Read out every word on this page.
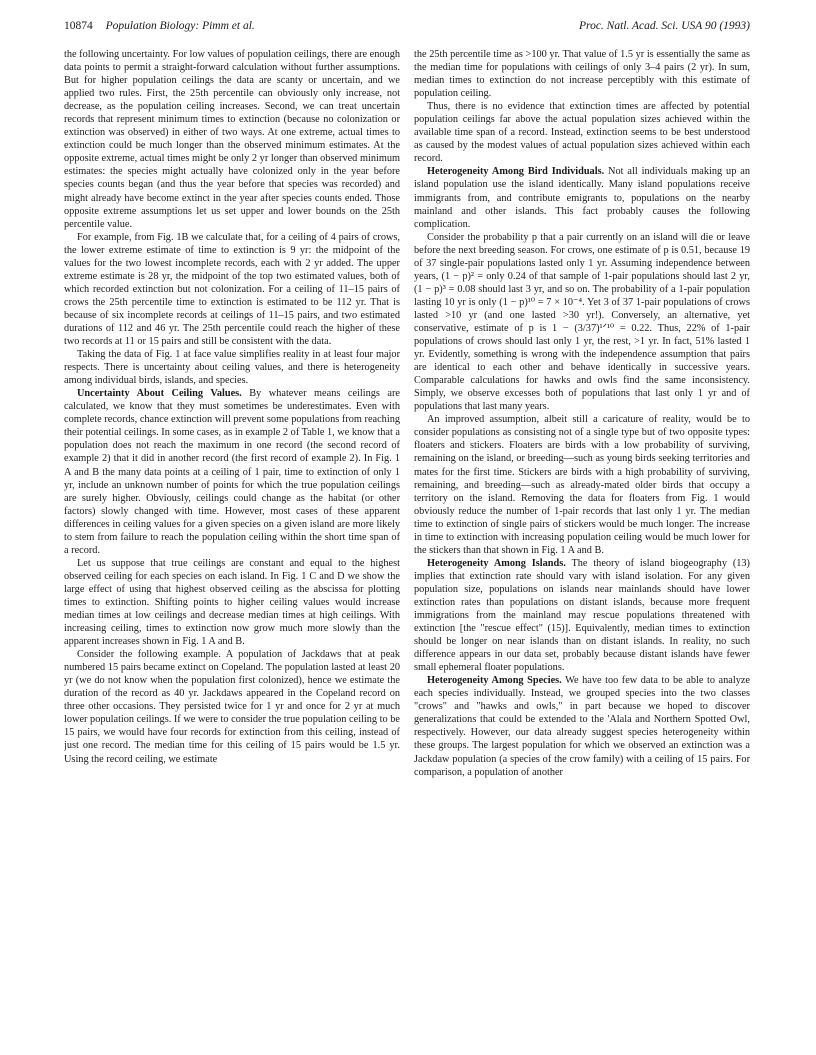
10874 Population Biology: Pimm et al.	Proc. Natl. Acad. Sci. USA 90 (1993)

the following uncertainty. For low values of population ceilings, there are enough data points to permit a straight-forward calculation without further assumptions. But for higher population ceilings the data are scanty or uncertain, and we applied two rules. First, the 25th percentile can obviously only increase, not decrease, as the population ceiling increases. Second, we can treat uncertain records that represent minimum times to extinction (because no colonization or extinction was observed) in either of two ways. At one extreme, actual times to extinction could be much longer than the observed minimum estimates. At the opposite extreme, actual times might be only 2 yr longer than observed minimum estimates: the species might actually have colonized only in the year before species counts began (and thus the year before that species was recorded) and might already have become extinct in the year after species counts ended. Those opposite extreme assumptions let us set upper and lower bounds on the 25th percentile value.

For example, from Fig. 1B we calculate that, for a ceiling of 4 pairs of crows, the lower extreme estimate of time to extinction is 9 yr: the midpoint of the values for the two lowest incomplete records, each with 2 yr added. The upper extreme estimate is 28 yr, the midpoint of the top two estimated values, both of which recorded extinction but not colonization. For a ceiling of 11–15 pairs of crows the 25th percentile time to extinction is estimated to be 112 yr. That is because of six incomplete records at ceilings of 11–15 pairs, and two estimated durations of 112 and 46 yr. The 25th percentile could reach the higher of these two records at 11 or 15 pairs and still be consistent with the data.

Taking the data of Fig. 1 at face value simplifies reality in at least four major respects. There is uncertainty about ceiling values, and there is heterogeneity among individual birds, islands, and species.

Uncertainty About Ceiling Values. By whatever means ceilings are calculated, we know that they must sometimes be underestimates. Even with complete records, chance extinction will prevent some populations from reaching their potential ceilings. In some cases, as in example 2 of Table 1, we know that a population does not reach the maximum in one record (the second record of example 2) that it did in another record (the first record of example 2). In Fig. 1 A and B the many data points at a ceiling of 1 pair, time to extinction of only 1 yr, include an unknown number of points for which the true population ceilings are surely higher. Obviously, ceilings could change as the habitat (or other factors) slowly changed with time. However, most cases of these apparent differences in ceiling values for a given species on a given island are more likely to stem from failure to reach the population ceiling within the short time span of a record.

Let us suppose that true ceilings are constant and equal to the highest observed ceiling for each species on each island. In Fig. 1 C and D we show the large effect of using that highest observed ceiling as the abscissa for plotting times to extinction. Shifting points to higher ceiling values would increase median times at low ceilings and decrease median times at high ceilings. With increasing ceiling, times to extinction now grow much more slowly than the apparent increases shown in Fig. 1 A and B.

Consider the following example. A population of Jackdaws that at peak numbered 15 pairs became extinct on Copeland. The population lasted at least 20 yr (we do not know when the population first colonized), hence we estimate the duration of the record as 40 yr. Jackdaws appeared in the Copeland record on three other occasions. They persisted twice for 1 yr and once for 2 yr at much lower population ceilings. If we were to consider the true population ceiling to be 15 pairs, we would have four records for extinction from this ceiling, instead of just one record. The median time for this ceiling of 15 pairs would be 1.5 yr. Using the record ceiling, we estimate

the 25th percentile time as >100 yr. That value of 1.5 yr is essentially the same as the median time for populations with ceilings of only 3–4 pairs (2 yr). In sum, median times to extinction do not increase perceptibly with this estimate of population ceiling.

Thus, there is no evidence that extinction times are affected by potential population ceilings far above the actual population sizes achieved within the available time span of a record. Instead, extinction seems to be best understood as caused by the modest values of actual population sizes achieved within each record.

Heterogeneity Among Bird Individuals. Not all individuals making up an island population use the island identically. Many island populations receive immigrants from, and contribute emigrants to, populations on the nearby mainland and other islands. This fact probably causes the following complication.

Consider the probability p that a pair currently on an island will die or leave before the next breeding season. For crows, one estimate of p is 0.51, because 19 of 37 single-pair populations lasted only 1 yr. Assuming independence between years, (1 − p)² = only 0.24 of that sample of 1-pair populations should last 2 yr, (1 − p)³ = 0.08 should last 3 yr, and so on. The probability of a 1-pair population lasting 10 yr is only (1 − p)¹⁰ = 7 × 10⁻⁴. Yet 3 of 37 1-pair populations of crows lasted >10 yr (and one lasted >30 yr!). Conversely, an alternative, yet conservative, estimate of p is 1 − (3/37)¹ᐟ¹⁰ = 0.22. Thus, 22% of 1-pair populations of crows should last only 1 yr, the rest, >1 yr. In fact, 51% lasted 1 yr. Evidently, something is wrong with the independence assumption that pairs are identical to each other and behave identically in successive years. Comparable calculations for hawks and owls find the same inconsistency. Simply, we observe excesses both of populations that last only 1 yr and of populations that last many years.

An improved assumption, albeit still a caricature of reality, would be to consider populations as consisting not of a single type but of two opposite types: floaters and stickers. Floaters are birds with a low probability of surviving, remaining on the island, or breeding—such as young birds seeking territories and mates for the first time. Stickers are birds with a high probability of surviving, remaining, and breeding—such as already-mated older birds that occupy a territory on the island. Removing the data for floaters from Fig. 1 would obviously reduce the number of 1-pair records that last only 1 yr. The median time to extinction of single pairs of stickers would be much longer. The increase in time to extinction with increasing population ceiling would be much lower for the stickers than that shown in Fig. 1 A and B.

Heterogeneity Among Islands. The theory of island biogeography (13) implies that extinction rate should vary with island isolation. For any given population size, populations on islands near mainlands should have lower extinction rates than populations on distant islands, because more frequent immigrations from the mainland may rescue populations threatened with extinction [the "rescue effect" (15)]. Equivalently, median times to extinction should be longer on near islands than on distant islands. In reality, no such difference appears in our data set, probably because distant islands have fewer small ephemeral floater populations.

Heterogeneity Among Species. We have too few data to be able to analyze each species individually. Instead, we grouped species into the two classes "crows" and "hawks and owls," in part because we hoped to discover generalizations that could be extended to the 'Alala and Northern Spotted Owl, respectively. However, our data already suggest species heterogeneity within these groups. The largest population for which we observed an extinction was a Jackdaw population (a species of the crow family) with a ceiling of 15 pairs. For comparison, a population of another
